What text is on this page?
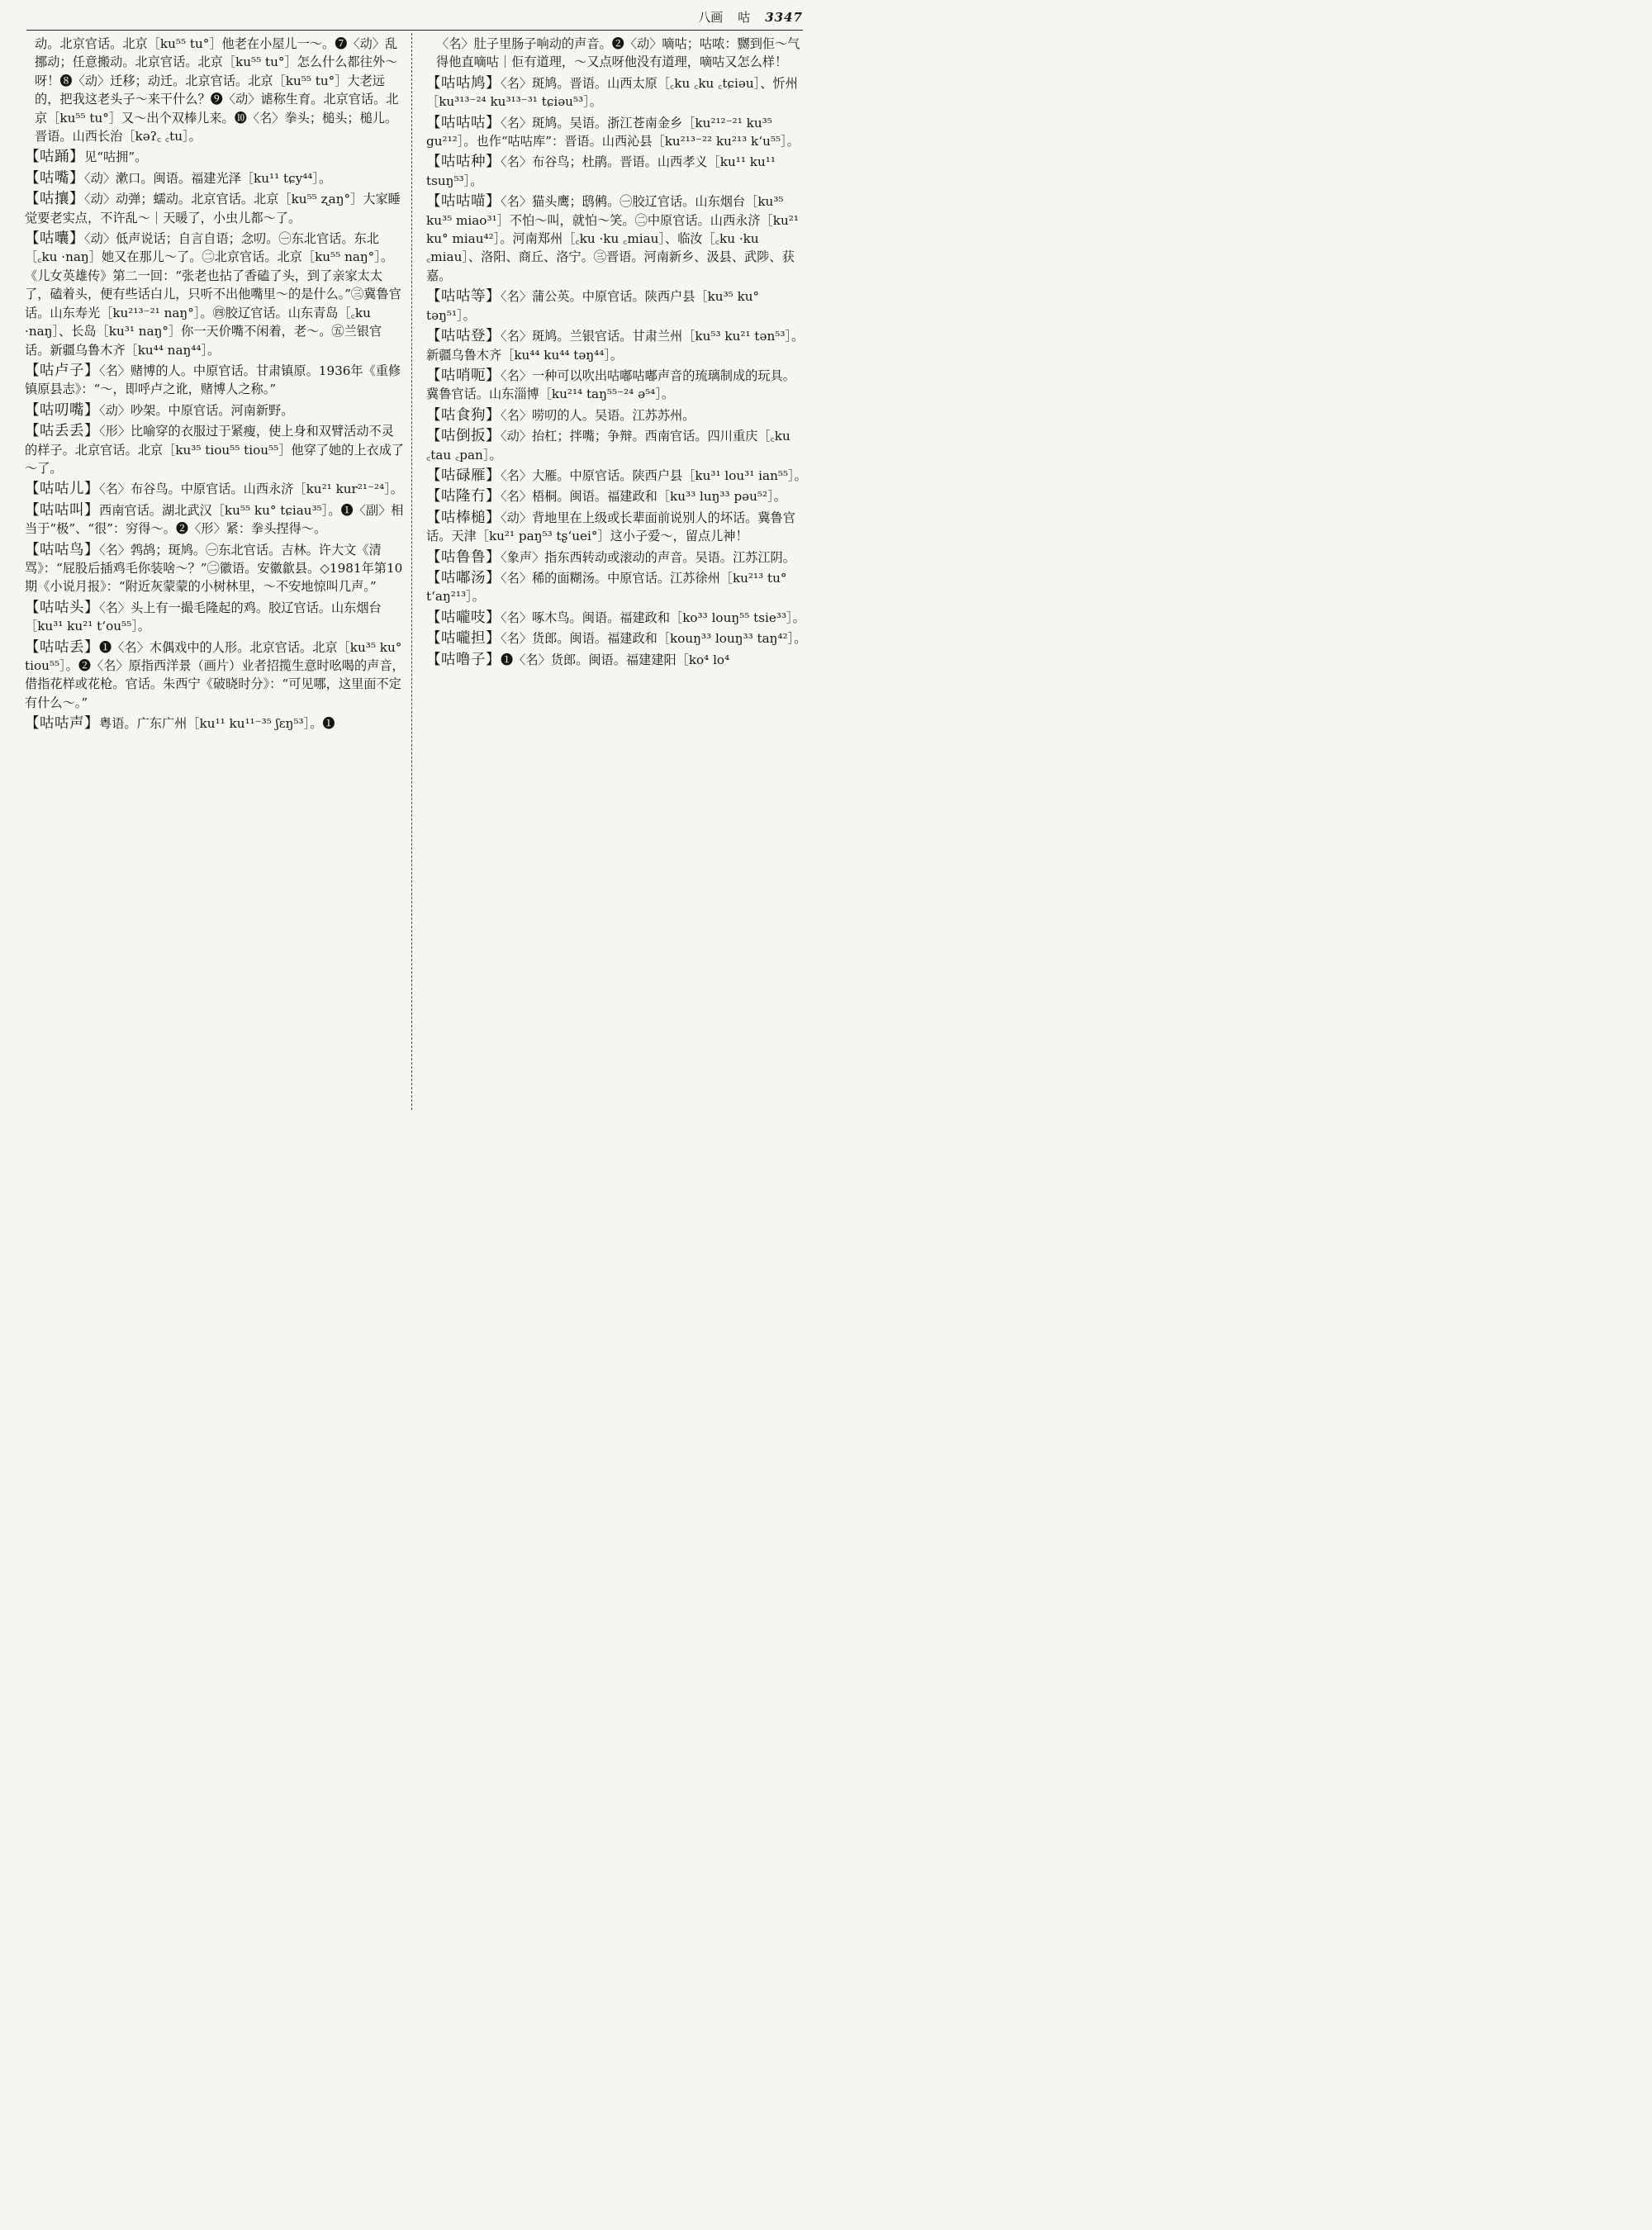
八画 咕 3347

动。北京官话。北京［ku⁵⁵ tu°］他老在小屋儿一～。❼〈动〉乱挪动；任意搬动。北京官话。北京［ku⁵⁵ tu°］怎么什么都往外～呀！❽〈动〉迁移；动迁。北京官话。北京［ku⁵⁵ tu°］大老远的，把我这老头子～来干什么？❾〈动〉谑称生育。北京官话。北京［ku⁵⁵ tu°］又～出个双棒儿来。❿〈名〉拳头；槌头；槌儿。晋语。山西长治［kəʔ꜀ ꜀tu］。

【咕踊】见“咕拥”。

【咕嘴】〈动〉漱口。闽语。福建光泽［ku¹¹ tɕy⁴⁴］。

【咕攘】〈动〉动弹；蠕动。北京官话。北京［ku⁵⁵ ʐaŋ°］大家睡觉要老实点，不许乱～｜天暖了，小虫儿都～了。

【咕囔】〈动〉低声说话；自言自语；念叨。㊀东北官话。东北［꜀ku ·naŋ］她又在那儿～了。㊁北京官话。北京［ku⁵⁵ naŋ°］。《儿女英雄传》第二一回：“张老也拈了香磕了头，到了亲家太太了，磕着头，便有些话白儿，只听不出他嘴里～的是什么。”㊂冀鲁官话。山东寿光［ku²¹³⁻²¹ naŋ°］。㊃胶辽官话。山东青岛［꜀ku ·naŋ］、长岛［ku³¹ naŋ°］你一天价嘴不闲着，老～。㊄兰银官话。新疆乌鲁木齐［ku⁴⁴ naŋ⁴⁴］。

【咕卢子】〈名〉赌博的人。中原官话。甘肃镇原。1936年《重修镇原县志》：“～，即呼卢之讹，赌博人之称。”

【咕叨嘴】〈动〉吵架。中原官话。河南新野。

【咕丢丢】〈形〉比喻穿的衣服过于紧瘦，使上身和双臂活动不灵的样子。北京官话。北京［ku³⁵ tiou⁵⁵ tiou⁵⁵］他穿了她的上衣成了～了。

【咕咕儿】〈名〉布谷鸟。中原官话。山西永济［ku²¹ kur²¹⁻²⁴］。

【咕咕叫】西南官话。湖北武汉［ku⁵⁵ ku° tɕiau³⁵］。❶〈副〉相当于“极”、“很”：穷得～。❷〈形〉紧：拳头捏得～。

【咕咕鸟】〈名〉鹁鸪；斑鸠。㊀东北官话。吉林。许大文《清骂》：“屁股后插鸡毛你装啥～？”㊁徽语。安徽歙县。◇1981年第10期《小说月报》：“附近灰蒙蒙的小树林里，～不安地惊叫几声。”

【咕咕头】〈名〉头上有一撮毛隆起的鸡。胶辽官话。山东烟台［ku³¹ ku²¹ tʻou⁵⁵］。

【咕咕丢】❶〈名〉木偶戏中的人形。北京官话。北京［ku³⁵ ku° tiou⁵⁵］。❷〈名〉原指西洋景（画片）业者招揽生意时吆喝的声音，借指花样或花枪。官话。朱西宁《破晓时分》：“可见哪，这里面不定有什么～。”

【咕咕声】粤语。广东广州［ku¹¹ ku¹¹⁻³⁵ ʃɛŋ⁵³］。❶

〈名〉肚子里肠子响动的声音。❷〈动〉嘀咕；咕哝：嬲到佢～气得他直嘀咕｜佢有道理，～又点呀他没有道理，嘀咕又怎么样！

【咕咕鸠】〈名〉斑鸠。晋语。山西太原［꜀ku ꜀ku ꜀tɕiəu］、忻州［ku³¹³⁻²⁴ ku³¹³⁻³¹ tɕiəu⁵³］。

【咕咕咕】〈名〉斑鸠。吴语。浙江苍南金乡［ku²¹²⁻²¹ ku³⁵ gu²¹²］。也作“咕咕库”：晋语。山西沁县［ku²¹³⁻²² ku²¹³ kʻu⁵⁵］。

【咕咕种】〈名〉布谷鸟；杜鹃。晋语。山西孝义［ku¹¹ ku¹¹ tsuŋ⁵³］。

【咕咕喵】〈名〉猫头鹰；鸱鸺。㊀胶辽官话。山东烟台［ku³⁵ ku³⁵ miao³¹］不怕～叫，就怕～笑。㊁中原官话。山西永济［ku²¹ ku° miau⁴²］。河南郑州［꜀ku ·ku ꜀miau］、临汝［꜀ku ·ku ꜀miau］、洛阳、商丘、洛宁。㊂晋语。河南新乡、汲县、武陟、获嘉。

【咕咕等】〈名〉蒲公英。中原官话。陕西户县［ku³⁵ ku° təŋ⁵¹］。

【咕咕登】〈名〉斑鸠。兰银官话。甘肃兰州［ku⁵³ ku²¹ tən⁵³］。新疆乌鲁木齐［ku⁴⁴ ku⁴⁴ təŋ⁴⁴］。

【咕哨呃】〈名〉一种可以吹出咕嘟咕嘟声音的琉璃制成的玩具。冀鲁官话。山东淄博［ku²¹⁴ taŋ⁵⁵⁻²⁴ ə⁵⁴］。

【咕食狗】〈名〉唠叨的人。吴语。江苏苏州。

【咕倒扳】〈动〉抬杠；拌嘴；争辩。西南官话。四川重庆［꜀ku ꜀tau ꜀pan］。

【咕碌雁】〈名〉大雁。中原官话。陕西户县［ku³¹ lou³¹ ian⁵⁵］。

【咕隆冇】〈名〉梧桐。闽语。福建政和［ku³³ luŋ³³ pəu⁵²］。

【咕棒槌】〈动〉背地里在上级或长辈面前说别人的坏话。冀鲁官话。天津［ku²¹ paŋ⁵³ tʂʻuei°］这小子爱～，留点儿神！

【咕鲁鲁】〈象声〉指东西转动或滚动的声音。吴语。江苏江阴。

【咕嘟汤】〈名〉稀的面糊汤。中原官话。江苏徐州［ku²¹³ tu° tʻaŋ²¹³］。

【咕嚨吱】〈名〉啄木鸟。闽语。福建政和［ko³³ louŋ⁵⁵ tsie³³］。

【咕嚨担】〈名〉货郎。闽语。福建政和［kouŋ³³ louŋ³³ taŋ⁴²］。

【咕噜子】❶〈名〉货郎。闽语。福建建阳［ko⁴ lo⁴
